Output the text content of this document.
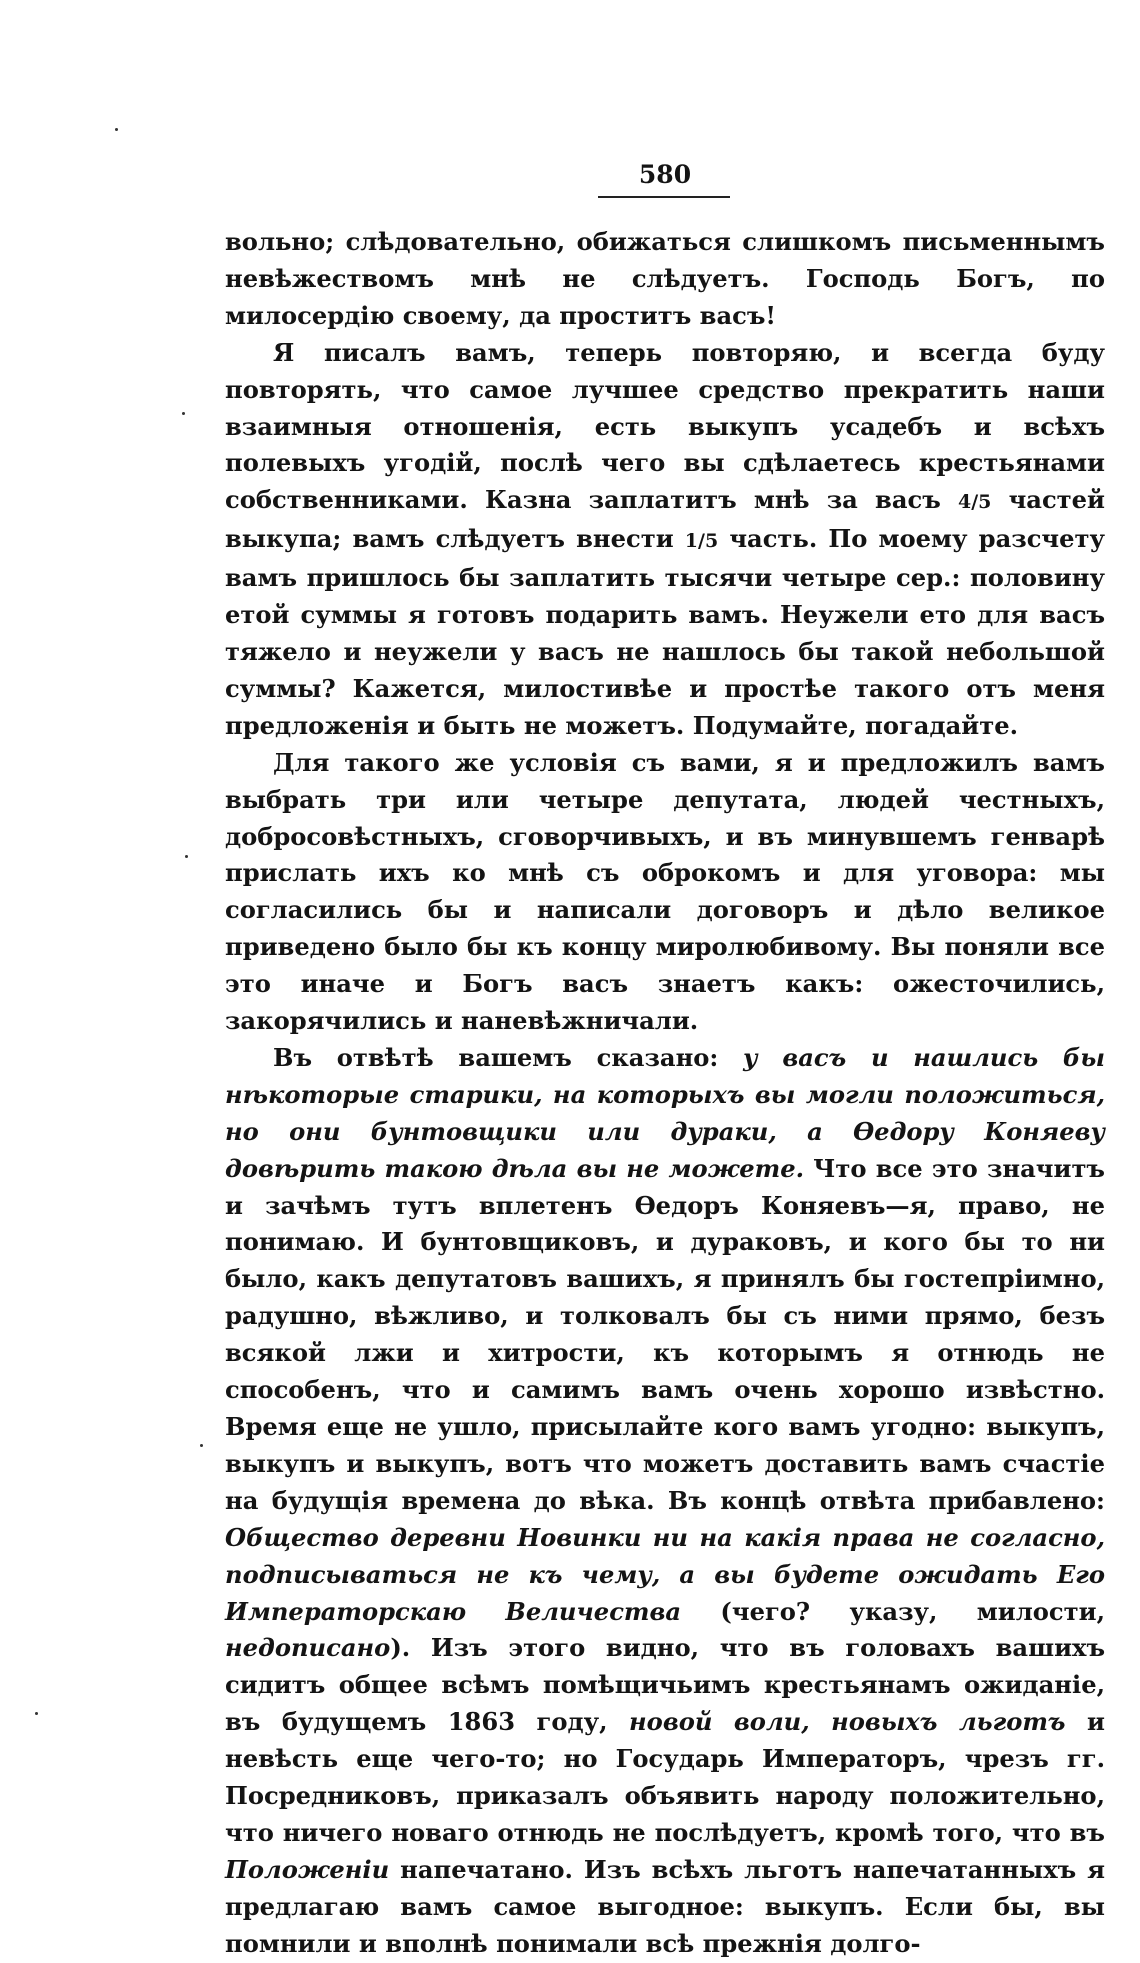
580

вольно; слѣдовательно, обижаться слишкомъ письменнымъ невѣжествомъ мнѣ не слѣдуетъ. Господь Богъ, по милосердію своему, да проститъ васъ!

Я писалъ вамъ, теперь повторяю, и всегда буду повторять, что самое лучшее средство прекратить наши взаимныя отношенія, есть выкупъ усадебъ и всѣхъ полевыхъ угодій, послѣ чего вы сдѣлаетесь крестьянами собственниками. Казна заплатитъ мнѣ за васъ 4/5 частей выкупа; вамъ слѣдуетъ внести 1/5 часть. По моему разсчету вамъ пришлось бы заплатить тысячи четыре сер.: половину етой суммы я готовъ подарить вамъ. Неужели ето для васъ тяжело и неужели у васъ не нашлось бы такой небольшой суммы? Кажется, милостивѣе и простѣе такого отъ меня предложенія и быть не можетъ. Подумайте, погадайте.

Для такого же условія съ вами, я и предложилъ вамъ выбрать три или четыре депутата, людей честныхъ, добросовѣстныхъ, сговорчивыхъ, и въ минувшемъ генварѣ прислать ихъ ко мнѣ съ оброкомъ и для уговора: мы согласились бы и написали договоръ и дѣло великое приведено было бы къ концу миролюбивому. Вы поняли все это иначе и Богъ васъ знаетъ какъ: ожесточились, закорячились и наневѣжничали.

Въ отвѣтѣ вашемъ сказано: у васъ и нашлись бы нѣкоторые старики, на которыхъ вы могли положиться, но они бунтовщики или дураки, а Ѳедору Коняеву довѣрить такою дѣла вы не можете. Что все это значитъ и зачѣмъ тутъ вплетенъ Ѳедоръ Коняевъ—я, право, не понимаю. И бунтовщиковъ, и дураковъ, и кого бы то ни было, какъ депутатовъ вашихъ, я принялъ бы гостепріимно, радушно, вѣжливо, и толковалъ бы съ ними прямо, безъ всякой лжи и хитрости, къ которымъ я отнюдь не способенъ, что и самимъ вамъ очень хорошо извѣстно. Время еще не ушло, присылайте кого вамъ угодно: выкупъ, выкупъ и выкупъ, вотъ что можетъ доставить вамъ счастіе на будущія времена до вѣка. Въ концѣ отвѣта прибавлено: Общество деревни Новинки ни на какія права не согласно, подписываться не къ чему, а вы будете ожидать Его Императорскаю Величества (чего? указу, милости, недописано). Изъ этого видно, что въ головахъ вашихъ сидитъ общее всѣмъ помѣщичьимъ крестьянамъ ожиданіе, въ будущемъ 1863 году, новой воли, новыхъ льготъ и невѣсть еще чего-то; но Государь Императоръ, чрезъ гг. Посредниковъ, приказалъ объявить народу положительно, что ничего новаго отнюдь не послѣдуетъ, кромѣ того, что въ Положеніи напечатано. Изъ всѣхъ льготъ напечатанныхъ я предлагаю вамъ самое выгодное: выкупъ. Если бы, вы помнили и вполнѣ понимали всѣ прежнія долго-
